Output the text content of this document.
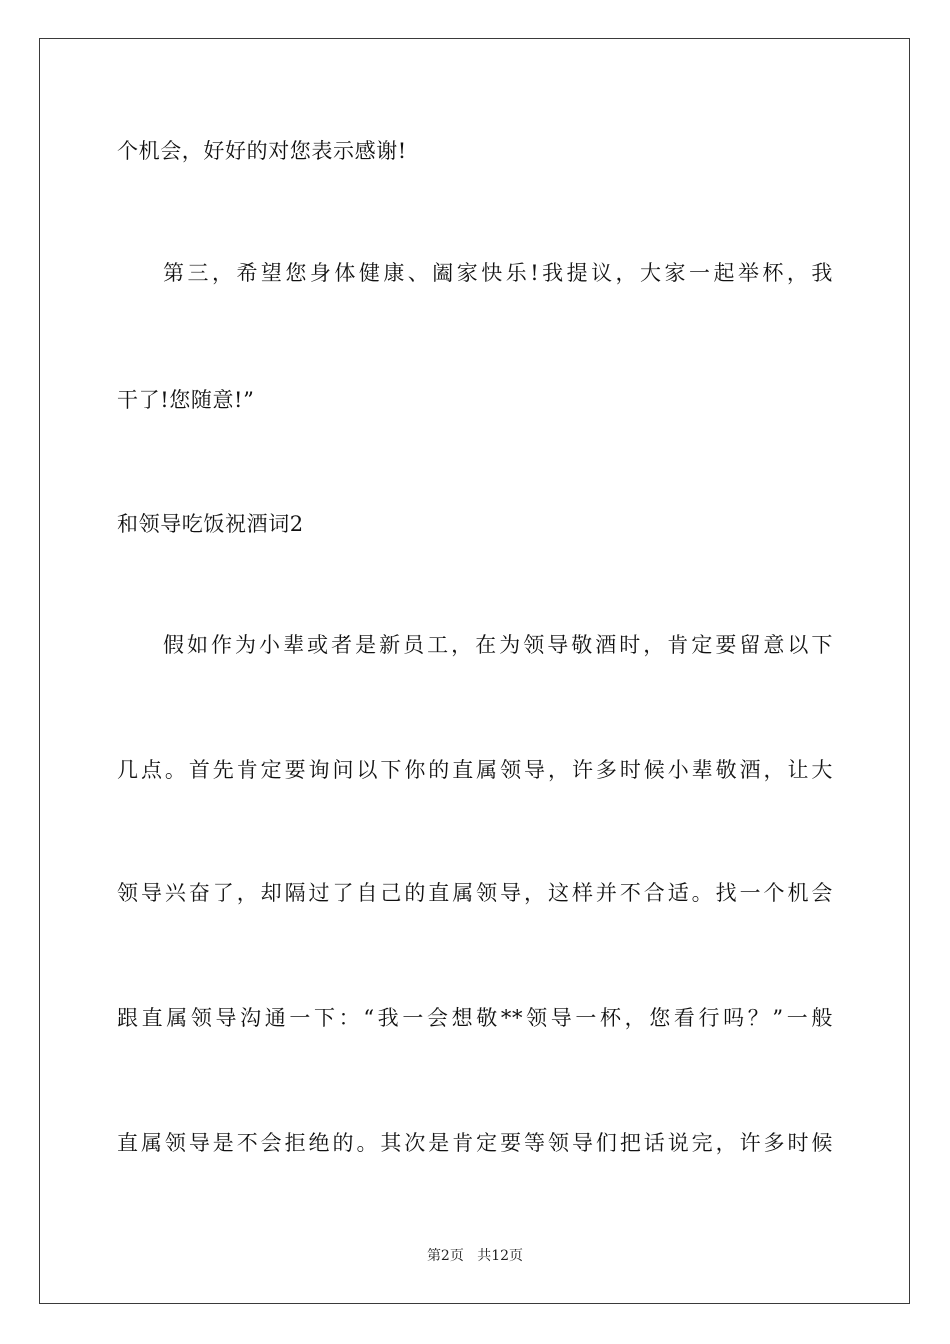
个机会，好好的对您表示感谢!
第三，希望您身体健康、阖家快乐!我提议，大家一起举杯，我
干了!您随意!”
和领导吃饭祝酒词2
假如作为小辈或者是新员工，在为领导敬酒时，肯定要留意以下
几点。首先肯定要询问以下你的直属领导，许多时候小辈敬酒，让大
领导兴奋了，却隔过了自己的直属领导，这样并不合适。找一个机会
跟直属领导沟通一下：“我一会想敬**领导一杯，您看行吗？”一般
直属领导是不会拒绝的。其次是肯定要等领导们把话说完，许多时候
第2页 共12页
